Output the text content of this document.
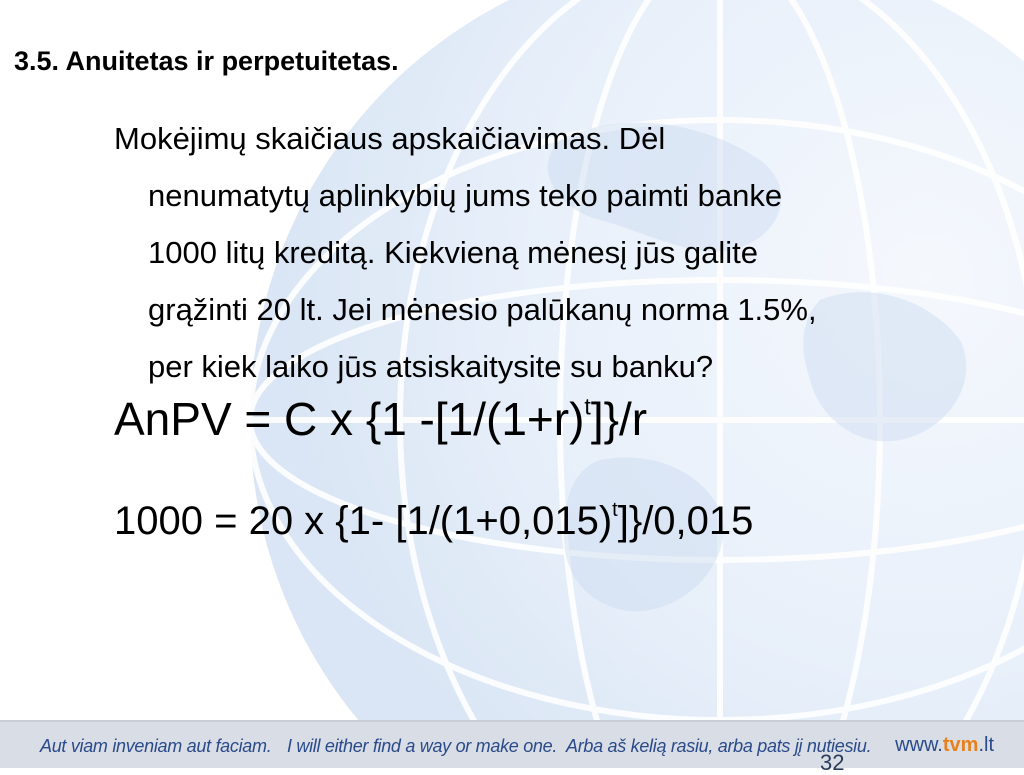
3.5. Anuitetas ir perpetuitetas.
Mokėjimų skaičiaus apskaičiavimas. Dėl
nenumatytų aplinkybių jums teko paimti banke
1000 litų kreditą. Kiekvieną mėnesį jūs galite
grąžinti 20 lt. Jei mėnesio palūkanų norma 1.5%,
per kiek laiko jūs atsiskaitysite su banku?
AnPV = C x {1 $-[1/(1+r)^t]\}/r$
1000 = 20 x {1- $[1/(1+0,015)^t]\}/0,015$
Aut viam inveniam aut faciam. I will either find a way or make one. Arba aš kelią rasiu, arba pats jį nutiesiu. www.tvm.lt
32
